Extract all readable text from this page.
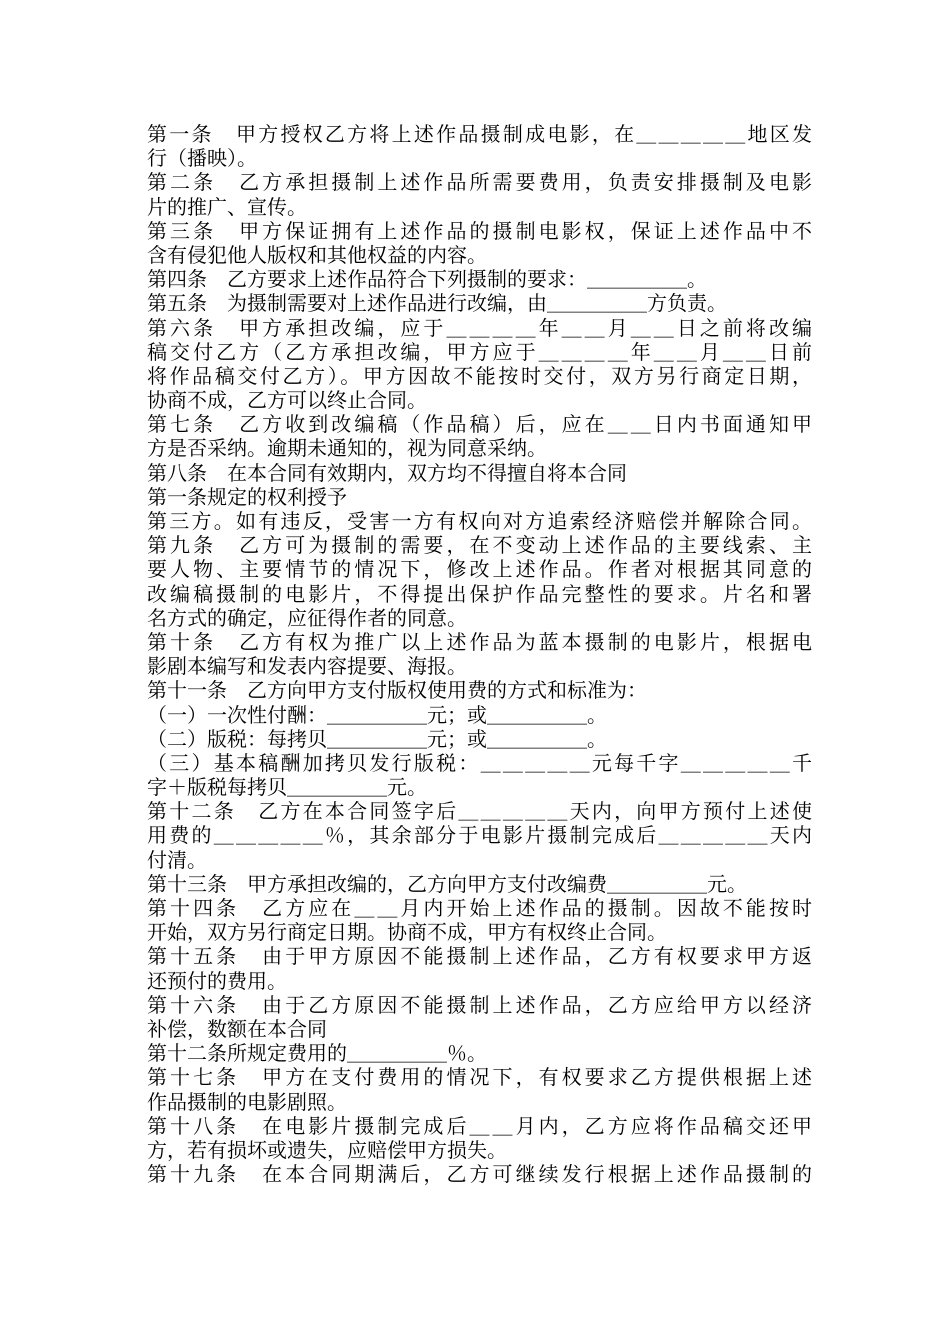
第一条　甲方授权乙方将上述作品摄制成电影，在＿＿＿＿＿地区发
行（播映）。
第二条　乙方承担摄制上述作品所需要费用，负责安排摄制及电影
片的推广、宣传。
第三条　甲方保证拥有上述作品的摄制电影权，保证上述作品中不
含有侵犯他人版权和其他权益的内容。
第四条　乙方要求上述作品符合下列摄制的要求：＿＿＿＿＿。
第五条　为摄制需要对上述作品进行改编，由＿＿＿＿＿方负责。
第六条　甲方承担改编，应于＿＿＿＿年＿＿月＿＿日之前将改编
稿交付乙方（乙方承担改编，甲方应于＿＿＿＿年＿＿月＿＿日前
将作品稿交付乙方）。甲方因故不能按时交付，双方另行商定日期，
协商不成，乙方可以终止合同。
第七条　乙方收到改编稿（作品稿）后，应在＿＿日内书面通知甲
方是否采纳。逾期未通知的，视为同意采纳。
第八条　在本合同有效期内，双方均不得擅自将本合同
第一条规定的权利授予
第三方。如有违反，受害一方有权向对方追索经济赔偿并解除合同。
第九条　乙方可为摄制的需要，在不变动上述作品的主要线索、主
要人物、主要情节的情况下，修改上述作品。作者对根据其同意的
改编稿摄制的电影片，不得提出保护作品完整性的要求。片名和署
名方式的确定，应征得作者的同意。
第十条　乙方有权为推广以上述作品为蓝本摄制的电影片，根据电
影剧本编写和发表内容提要、海报。
第十一条　乙方向甲方支付版权使用费的方式和标准为：
（一）一次性付酬：＿＿＿＿＿元；或＿＿＿＿＿。
（二）版税：每拷贝＿＿＿＿＿元；或＿＿＿＿＿。
（三）基本稿酬加拷贝发行版税：＿＿＿＿＿元每千字＿＿＿＿＿千
字＋版税每拷贝＿＿＿＿＿元。
第十二条　乙方在本合同签字后＿＿＿＿＿天内，向甲方预付上述使
用费的＿＿＿＿＿％，其余部分于电影片摄制完成后＿＿＿＿＿天内
付清。
第十三条　甲方承担改编的，乙方向甲方支付改编费＿＿＿＿＿元。
第十四条　乙方应在＿＿月内开始上述作品的摄制。因故不能按时
开始，双方另行商定日期。协商不成，甲方有权终止合同。
第十五条　由于甲方原因不能摄制上述作品，乙方有权要求甲方返
还预付的费用。
第十六条　由于乙方原因不能摄制上述作品，乙方应给甲方以经济
补偿，数额在本合同
第十二条所规定费用的＿＿＿＿＿％。
第十七条　甲方在支付费用的情况下，有权要求乙方提供根据上述
作品摄制的电影剧照。
第十八条　在电影片摄制完成后＿＿月内，乙方应将作品稿交还甲
方，若有损坏或遗失，应赔偿甲方损失。
第十九条　在本合同期满后，乙方可继续发行根据上述作品摄制的
